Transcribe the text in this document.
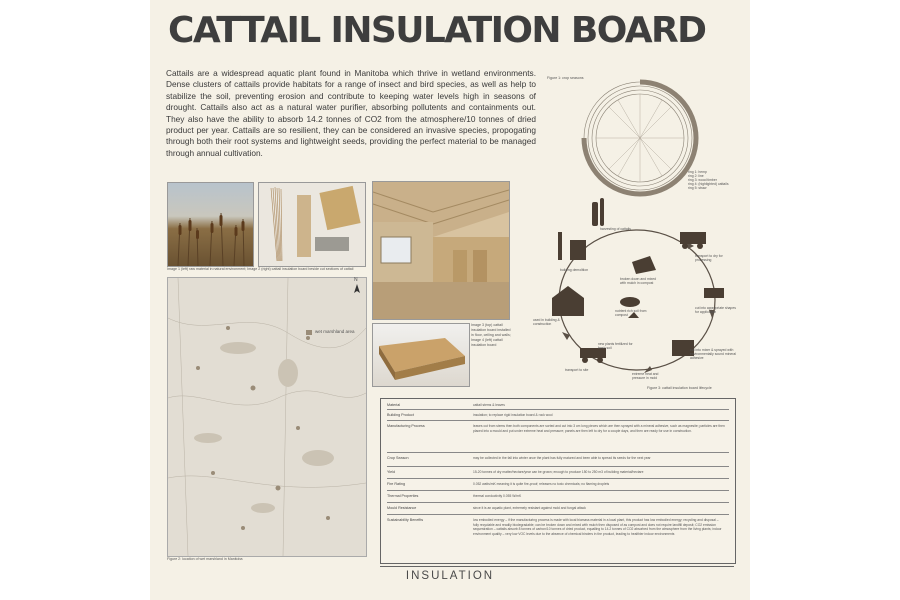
CATTAIL INSULATION BOARD
Cattails are a widespread aquatic plant found in Manitoba which thrive in wetland environments. Dense clusters of cattails provide habitats for a range of insect and bird species, as well as help to stabilize the soil, preventing erosion and contribute to keeping water levels high in seasons of drought. Cattails also act as a natural water purifier, absorbing pollutents and containments out. They also have the ability to absorb 14.2 tonnes of CO2 from the atmosphere/10 tonnes of dried product per year. Cattails are so resilient, they can be considered an invasive species, propogating through both their root systems and lightweight seeds, providing the perfect material to be managed through annual cultivation.
Image 1 (left) raw material in natural environment; Image 2 (right) cattail insulation board beside cut sections of cattail
Image 3 (top) cattail insulation board installed in floor, ceiling and walls; Image 4 (left) cattail insulation board
wet marshland area
N
Figure 2: location of wet marshland in Manitoba
Figure 1: crop seasons
ring 1: hemp
ring 2: line
ring 3: wood timber
ring 4: (highlighted) cattails
ring 5: straw
harvesting of cattails
transport to dry for processing
cut into appropriate shapes for application
cut into mixer & sprayed with environmentally sound mineral adhesive
extreme heat and pressure in mold
transport to site
used in building & construction
building demolition
broken down and mixed with mulch in compost
nutrient rich soil from compost
new plants fertilized for fresh soil
Figure 3: cattail insulation board lifecycle
Material	cattail stems & leaves
Building Product	insulation; to replace rigid insulation board & rock wool
Manufacturing Process	leaves cut from stems then both components are sorted and cut into 3 cm long pieces which are then sprayed with a mineral adhesive, such as magnesite; particles are then placed into a mould and put under extreme heat and pressure; panels are then left to dry for a couple days, and then are ready for use in construction.
Crop Season	may be collected in the fall into winter once the plant has fully matured and been able to spread its seeds for the next year
Yield	15-20 tonnes of dry matter/hectare/year can be grown; enough to produce 150 to 250 m3 of building material/hectare
Fire Rating	0.052 watts/mK meaning it is quite fire-proof; releases no toxic chemicals; no flaming droplets
Thermal Properties	thermal conductivity 0.055 W/mK
Mould Resistance	since it is an aquatic plant, extremely resistant against mold and fungal attack
Sustainability Benefits	low embodied energy – if the manufacturing process is made with local biomass material in a local plant, this product has low embodied energy; recycling and disposal – fully recyclable and readily biodegradable; can be broken down and mixed with mulch then disposed of as compost and does not require landfill deposit; CO2 emission sequestration – cattails absorb 8 tonnes of carbon/10 tonnes of dried product, equalling to 14.2 tonnes of CO2 absorbed from the atmosphere from the living plants; indoor environment quality – very low VOC levels due to the absence of chemical binders in the product, leading to healthier indoor environments
INSULATION
